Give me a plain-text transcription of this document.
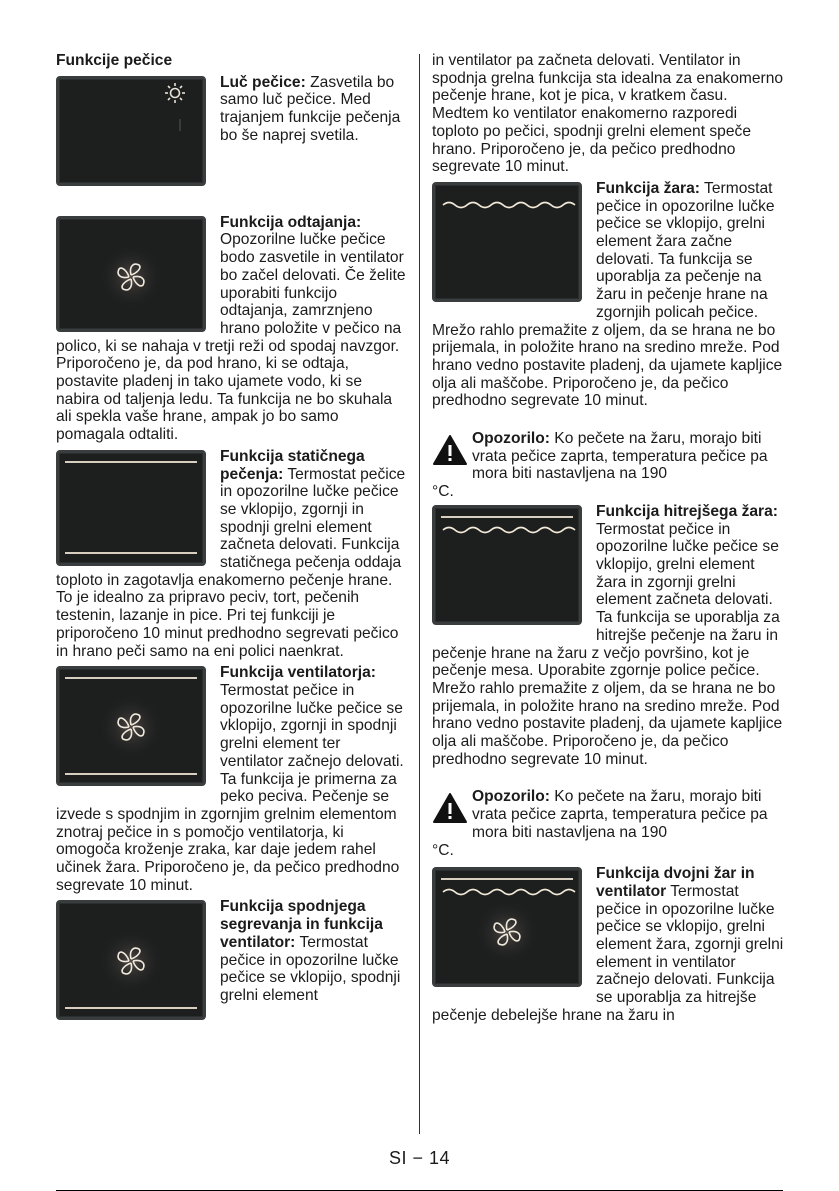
Funkcije pečice

Luč pečice: Zasvetila bo samo luč pečice. Med trajanjem funkcije pečenja bo še naprej svetila.

Funkcija odtajanja: Opozorilne lučke pečice bodo zasvetile in ventilator bo začel delovati. Če želite uporabiti funkcijo odtajanja, zamrznjeno hrano položite v pečico na polico, ki se nahaja v tretji reži od spodaj navzgor. Priporočeno je, da pod hrano, ki se odtaja, postavite pladenj in tako ujamete vodo, ki se nabira od taljenja ledu. Ta funkcija ne bo skuhala ali spekla vaše hrane, ampak jo bo samo pomagala odtaliti.

Funkcija statičnega pečenja: Termostat pečice in opozorilne lučke pečice se vklopijo, zgornji in spodnji grelni element začneta delovati. Funkcija statičnega pečenja oddaja toploto in zagotavlja enakomerno pečenje hrane. To je idealno za pripravo peciv, tort, pečenih testenin, lazanje in pice. Pri tej funkciji je priporočeno 10 minut predhodno segrevati pečico in hrano peči samo na eni polici naenkrat.

Funkcija ventilatorja: Termostat pečice in opozorilne lučke pečice se vklopijo, zgornji in spodnji grelni element ter ventilator začnejo delovati. Ta funkcija je primerna za peko peciva. Pečenje se izvede s spodnjim in zgornjim grelnim elementom znotraj pečice in s pomočjo ventilatorja, ki omogoča kroženje zraka, kar daje jedem rahel učinek žara. Priporočeno je, da pečico predhodno segrevate 10 minut.

Funkcija spodnjega segrevanja in funkcija ventilator: Termostat pečice in opozorilne lučke pečice se vklopijo, spodnji grelni element

in ventilator pa začneta delovati. Ventilator in spodnja grelna funkcija sta idealna za enakomerno pečenje hrane, kot je pica, v kratkem času. Medtem ko ventilator enakomerno razporedi toploto po pečici, spodnji grelni element speče hrano. Priporočeno je, da pečico predhodno segrevate 10 minut.

Funkcija žara: Termostat pečice in opozorilne lučke pečice se vklopijo, grelni element žara začne delovati. Ta funkcija se uporablja za pečenje na žaru in pečenje hrane na zgornjih policah pečice. Mrežo rahlo premažite z oljem, da se hrana ne bo prijemala, in položite hrano na sredino mreže. Pod hrano vedno postavite pladenj, da ujamete kapljice olja ali maščobe. Priporočeno je, da pečico predhodno segrevate 10 minut.

Opozorilo: Ko pečete na žaru, morajo biti vrata pečice zaprta, temperatura pečice pa mora biti nastavljena na 190

°C.

Funkcija hitrejšega žara: Termostat pečice in opozorilne lučke pečice se vklopijo, grelni element žara in zgornji grelni element začneta delovati. Ta funkcija se uporablja za hitrejše pečenje na žaru in pečenje hrane na žaru z večjo površino, kot je pečenje mesa. Uporabite zgornje police pečice. Mrežo rahlo premažite z oljem, da se hrana ne bo prijemala, in položite hrano na sredino mreže. Pod hrano vedno postavite pladenj, da ujamete kapljice olja ali maščobe. Priporočeno je, da pečico predhodno segrevate 10 minut.

Opozorilo: Ko pečete na žaru, morajo biti vrata pečice zaprta, temperatura pečice pa mora biti nastavljena na 190

°C.

Funkcija dvojni žar in ventilator Termostat pečice in opozorilne lučke pečice se vklopijo, grelni element žara, zgornji grelni element in ventilator začnejo delovati. Funkcija se uporablja za hitrejše pečenje debelejše hrane na žaru in

SI − 14
